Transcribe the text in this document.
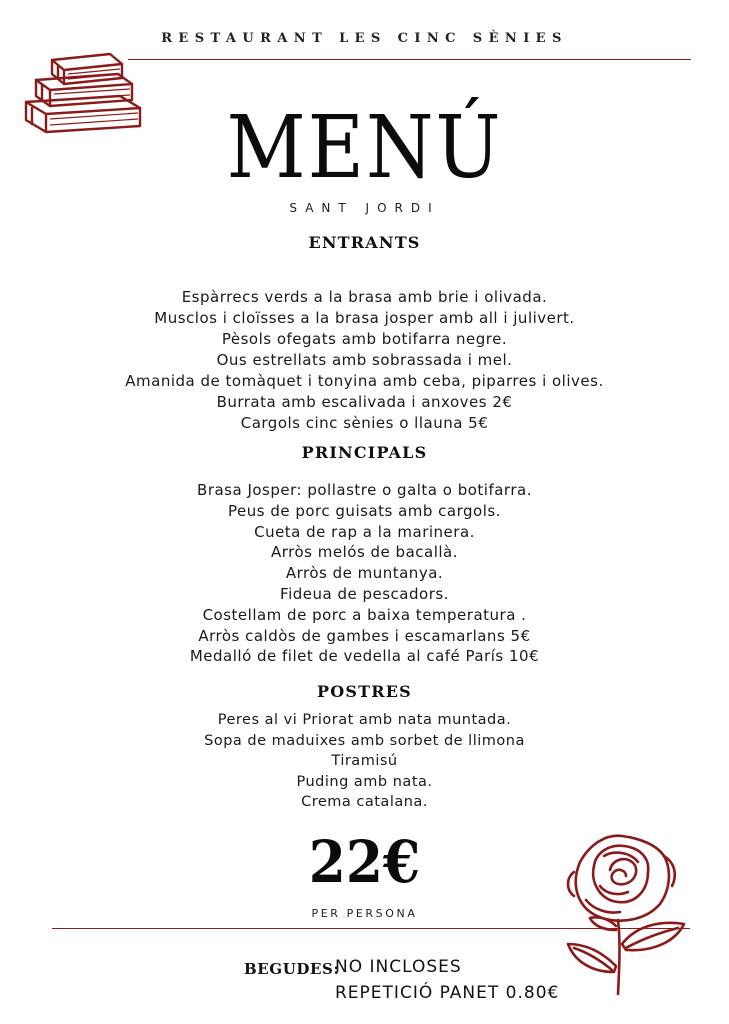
RESTAURANT LES CINC SÈNIES
MENÚ
SANT JORDI
ENTRANTS
Espàrrecs verds a la brasa amb brie i olivada.
Musclos i cloïsses a la brasa josper amb all i julivert.
Pèsols ofegats amb botifarra negre.
Ous estrellats amb sobrassada i mel.
Amanida de tomàquet i tonyina amb ceba, piparres i olives.
Burrata amb escalivada i anxoves 2€
Cargols cinc sènies o llauna 5€
PRINCIPALS
Brasa Josper: pollastre o galta o botifarra.
Peus de porc guisats amb cargols.
Cueta de rap a la marinera.
Arròs melós de bacallà.
Arròs de muntanya.
Fideua de pescadors.
Costellam de porc a baixa temperatura .
Arròs caldòs de gambes i escamarlans 5€
Medalló de filet de vedella al café París 10€
POSTRES
Peres al vi Priorat amb nata muntada.
Sopa de maduixes amb sorbet de llimona
Tiramisú
Puding amb nata.
Crema catalana.
22€
PER PERSONA
BEGUDES:
NO INCLOSES
REPETICIÓ PANET 0.80€
